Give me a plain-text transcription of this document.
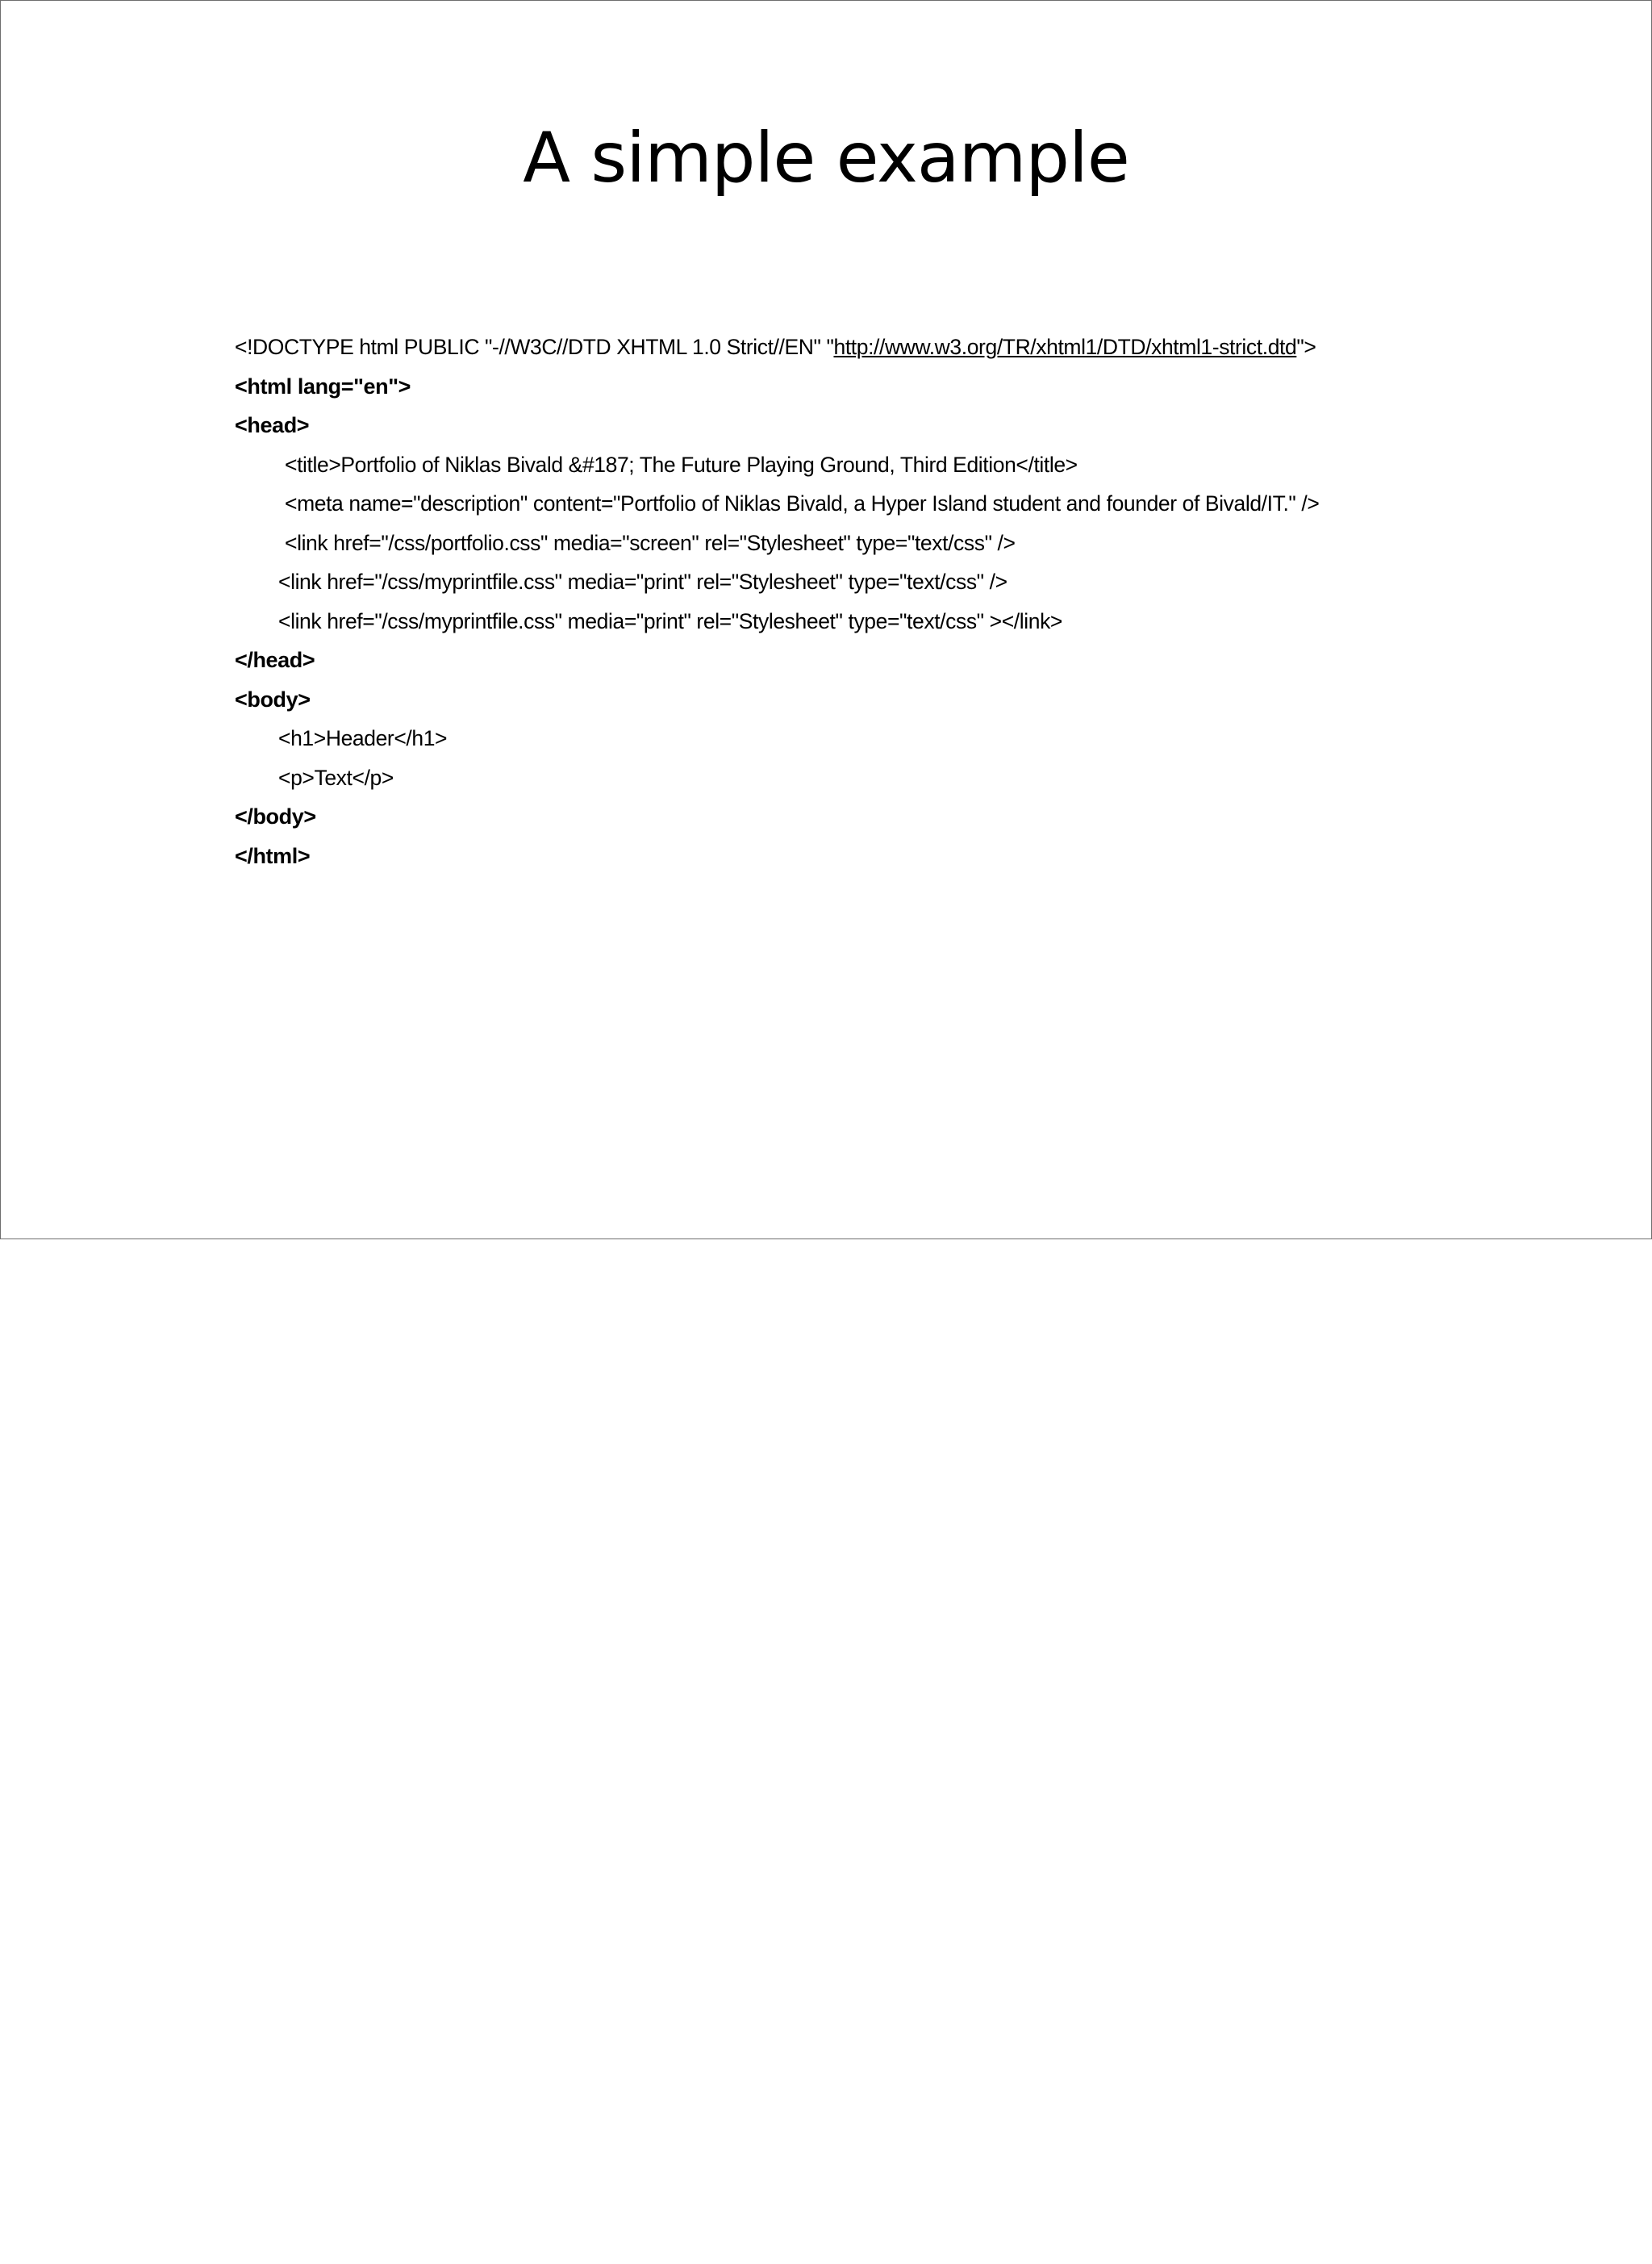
A simple example
<!DOCTYPE html PUBLIC "-//W3C//DTD XHTML 1.0 Strict//EN" "http://www.w3.org/TR/xhtml1/DTD/xhtml1-strict.dtd">
<html lang="en">
<head>
<title>Portfolio of Niklas Bivald &#187; The Future Playing Ground, Third Edition</title>
<meta name="description" content="Portfolio of Niklas Bivald, a Hyper Island student and founder of Bivald/IT." />
<link href="/css/portfolio.css" media="screen" rel="Stylesheet" type="text/css" />
<link href="/css/myprintfile.css" media="print" rel="Stylesheet" type="text/css" />
<link href="/css/myprintfile.css" media="print" rel="Stylesheet" type="text/css" ></link>
</head>
<body>
<h1>Header</h1>
<p>Text</p>
</body>
</html>
